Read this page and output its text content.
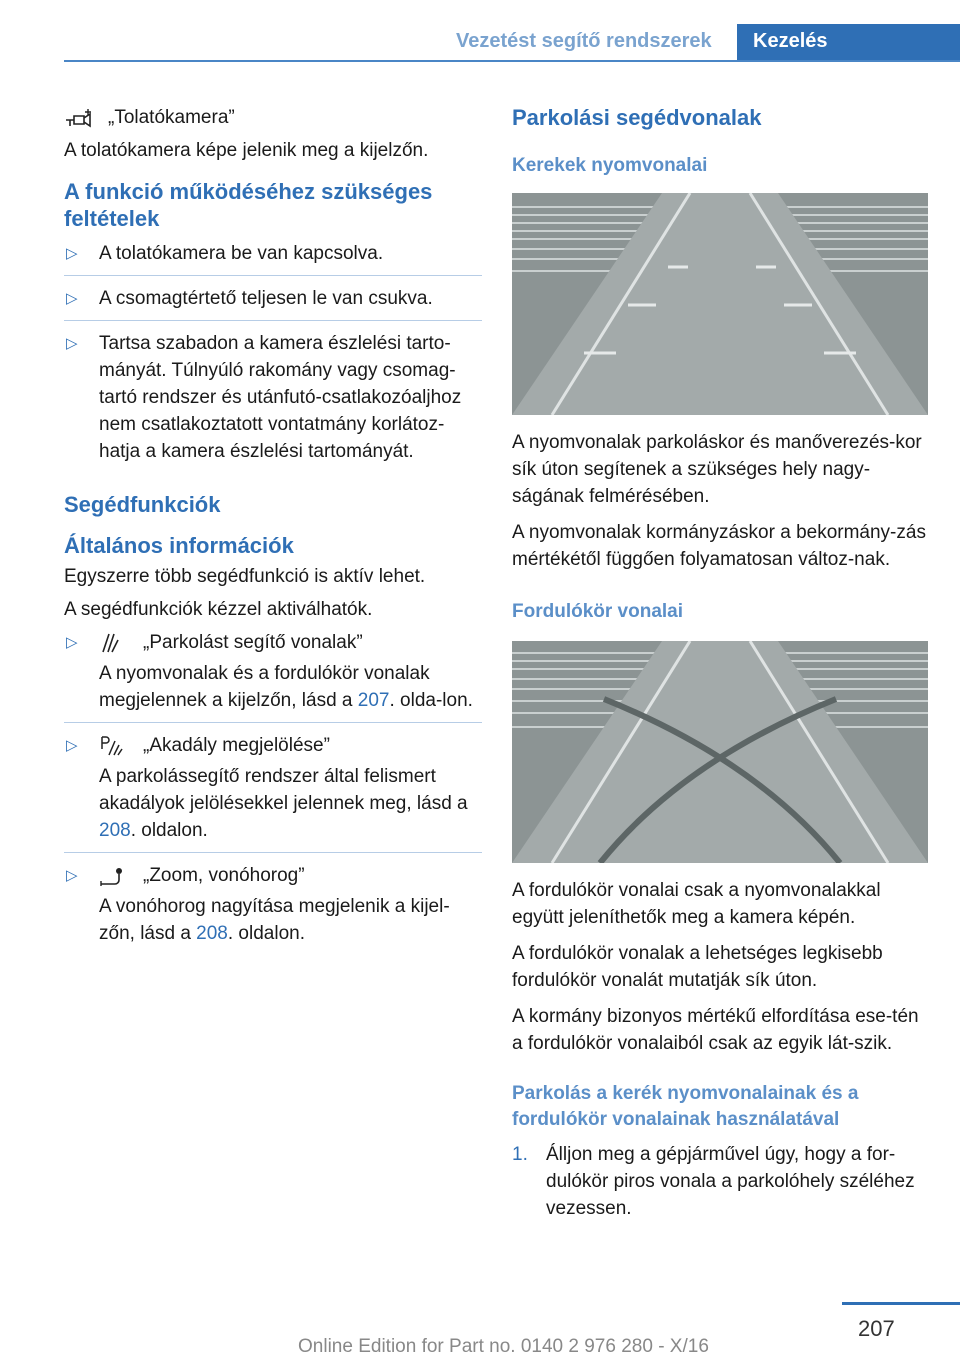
Vezetést segítő rendszerek	Kezelés
„Tolatókamera”

A tolatókamera képe jelenik meg a kijelzőn.

A funkció működéséhez szükséges feltételek
▷ A tolatókamera be van kapcsolva.
▷ A csomagtértető teljesen le van csukva.
▷ Tartsa szabadon a kamera észlelési tarto-mányát. Túlnyúló rakomány vagy csomag-tartó rendszer és utánfutó-csatlakozóaljhoz nem csatlakoztatott vontatmány korlátoz-hatja a kamera észlelési tartományát.
Segédfunkciók
Általános információk

Egyszerre több segédfunkció is aktív lehet.

A segédfunkciók kézzel aktiválhatók.

▷ „Parkolást segítő vonalak”
A nyomvonalak és a fordulókör vonalak megjelennek a kijelzőn, lásd a 207. olda-lon.
▷ „Akadály megjelölése”
A parkolássegítő rendszer által felismert akadályok jelölésekkel jelennek meg, lásd a 208. oldalon.
▷ „Zoom, vonóhorog”
A vonóhorog nagyítása megjelenik a kijel-zőn, lásd a 208. oldalon.
Parkolási segédvonalak
Kerekek nyomvonalai

A nyomvonalak parkoláskor és manőverezés-kor sík úton segítenek a szükséges hely nagy-ságának felmérésében.

A nyomvonalak kormányzáskor a bekormány-zás mértékétől függően folyamatosan változ-nak.

Fordulókör vonalai

A fordulókör vonalai csak a nyomvonalakkal együtt jeleníthetők meg a kamera képén.

A fordulókör vonalak a lehetséges legkisebb fordulókör vonalát mutatják sík úton.

A kormány bizonyos mértékű elfordítása ese-tén a fordulókör vonalaiból csak az egyik lát-szik.

Parkolás a kerék nyomvonalainak és a fordulókör vonalainak használatával
1. Álljon meg a gépjárművel úgy, hogy a for-dulókör piros vonala a parkolóhely széléhez vezessen.
207
Online Edition for Part no. 0140 2 976 280 - X/16
